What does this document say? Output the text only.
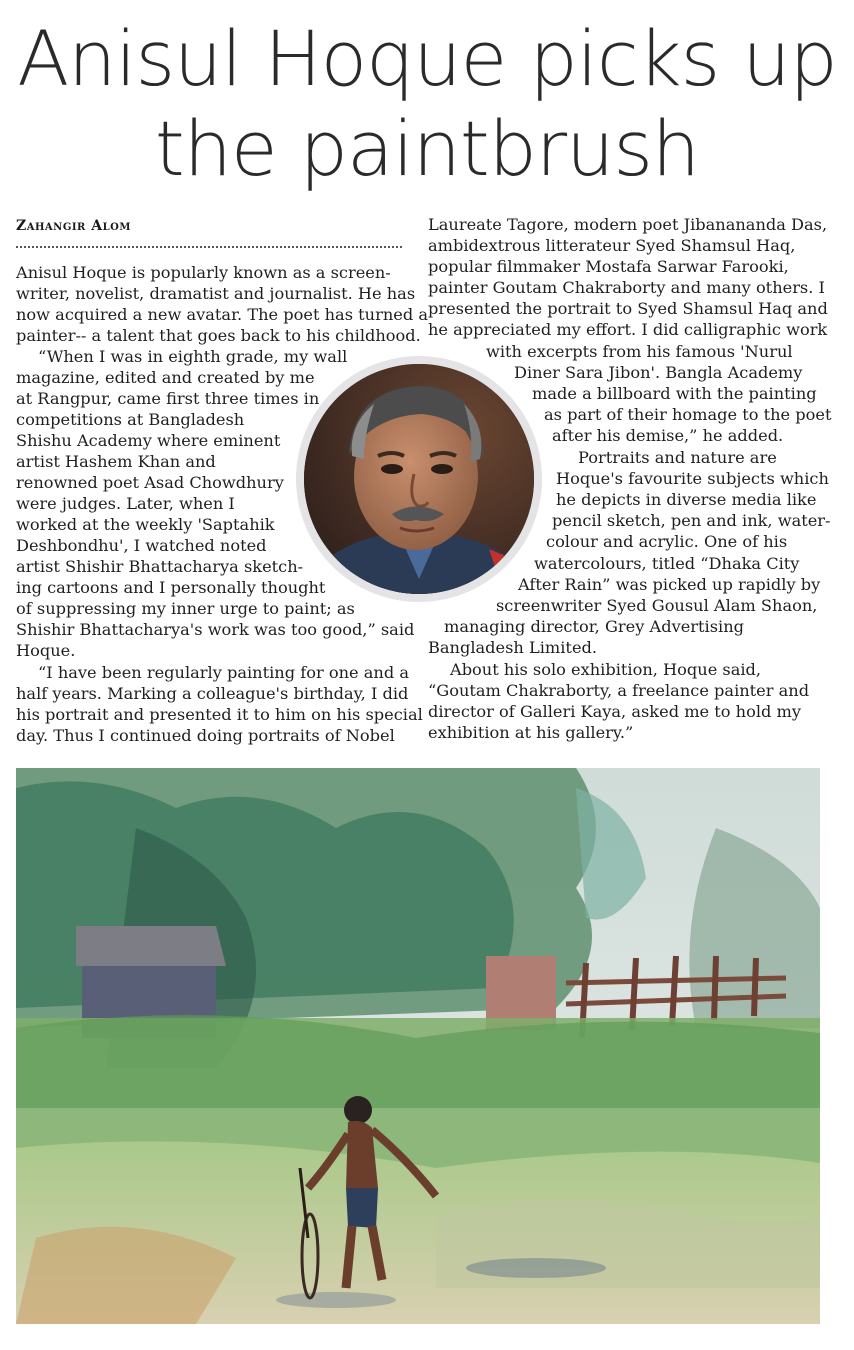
Anisul Hoque picks up
the paintbrush
Zahangir Alom
Anisul Hoque is popularly known as a screen-
writer, novelist, dramatist and journalist. He has
now acquired a new avatar. The poet has turned a
painter-- a talent that goes back to his childhood.
“When I was in eighth grade, my wall
magazine, edited and created by me
at Rangpur, came first three times in
competitions at Bangladesh
Shishu Academy where eminent
artist Hashem Khan and
renowned poet Asad Chowdhury
were judges. Later, when I
worked at the weekly 'Saptahik
Deshbondhu', I watched noted
artist Shishir Bhattacharya sketch-
ing cartoons and I personally thought
of suppressing my inner urge to paint; as
Shishir Bhattacharya's work was too good,” said
Hoque.
“I have been regularly painting for one and a
half years. Marking a colleague's birthday, I did
his portrait and presented it to him on his special
day. Thus I continued doing portraits of Nobel
Laureate Tagore, modern poet Jibanananda Das,
ambidextrous litterateur Syed Shamsul Haq,
popular filmmaker Mostafa Sarwar Farooki,
painter Goutam Chakraborty and many others. I
presented the portrait to Syed Shamsul Haq and
he appreciated my effort. I did calligraphic work
with excerpts from his famous 'Nurul
Diner Sara Jibon'. Bangla Academy
made a billboard with the painting
as part of their homage to the poet
after his demise,” he added.
Portraits and nature are
Hoque's favourite subjects which
he depicts in diverse media like
pencil sketch, pen and ink, water-
colour and acrylic. One of his
watercolours, titled “Dhaka City
After Rain” was picked up rapidly by
screenwriter Syed Gousul Alam Shaon,
managing director, Grey Advertising
Bangladesh Limited.
About his solo exhibition, Hoque said,
“Goutam Chakraborty, a freelance painter and
director of Galleri Kaya, asked me to hold my
exhibition at his gallery.”
